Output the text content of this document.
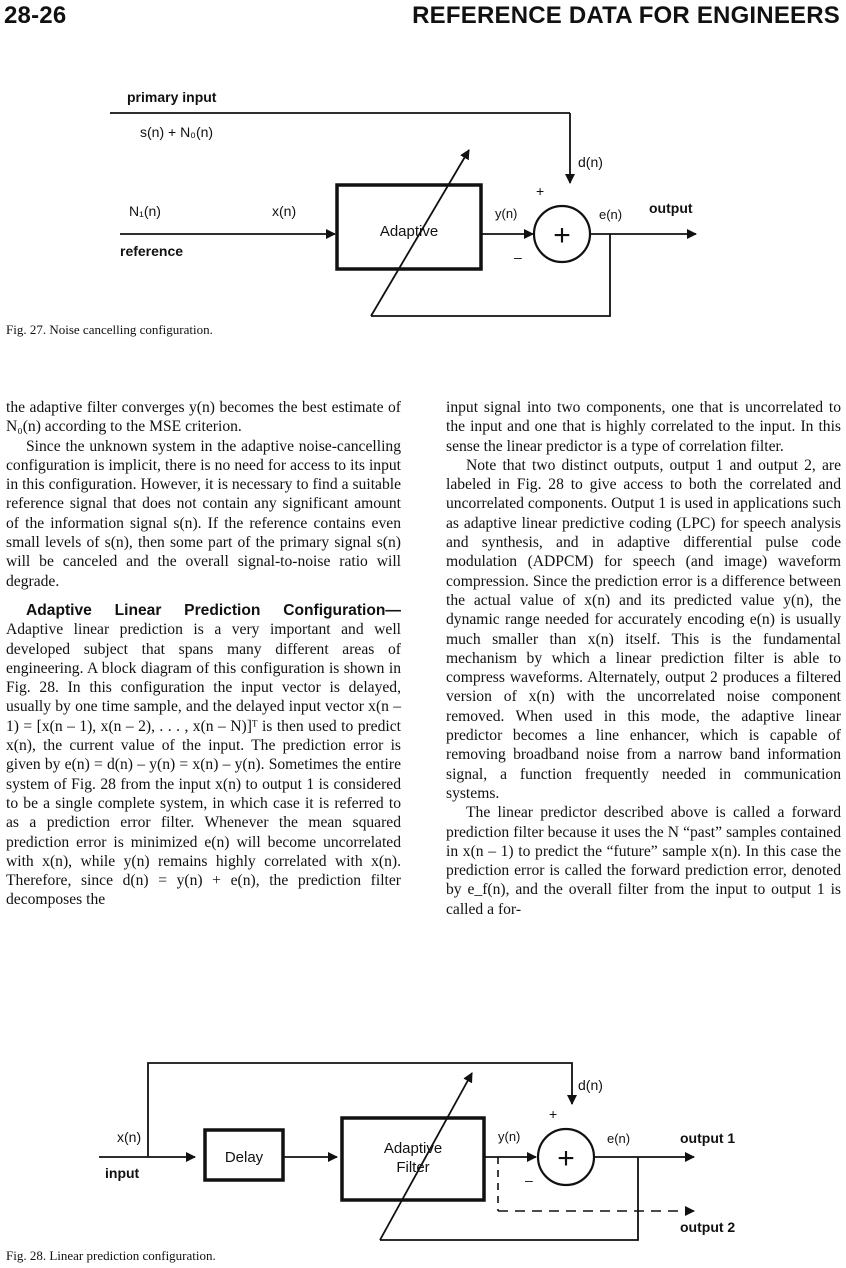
28-26	REFERENCE DATA FOR ENGINEERS
primary input
s(n) + N₀(n)
d(n)
N₁(n)	x(n)
reference
Adaptive
y(n)
+
+
–
e(n) output
Fig. 27. Noise cancelling configuration.

the adaptive filter converges y(n) becomes the best estimate of N₀(n) according to the MSE criterion.

Since the unknown system in the adaptive noise-cancelling configuration is implicit, there is no need for access to its input in this configuration. However, it is necessary to find a suitable reference signal that does not contain any significant amount of the information signal s(n). If the reference contains even small levels of s(n), then some part of the primary signal s(n) will be canceled and the overall signal-to-noise ratio will degrade.

Adaptive Linear Prediction Configuration— Adaptive linear prediction is a very important and well developed subject that spans many different areas of engineering. A block diagram of this configuration is shown in Fig. 28. In this configuration the input vector is delayed, usually by one time sample, and the delayed input vector x(n – 1) = [x(n – 1), x(n – 2), . . . , x(n – N)]ᵀ is then used to predict x(n), the current value of the input. The prediction error is given by e(n) = d(n) – y(n) = x(n) – y(n). Sometimes the entire system of Fig. 28 from the input x(n) to output 1 is considered to be a single complete system, in which case it is referred to as a prediction error filter. Whenever the mean squared prediction error is minimized e(n) will become uncorrelated with x(n), while y(n) remains highly correlated with x(n). Therefore, since d(n) = y(n) + e(n), the prediction filter decomposes the

input signal into two components, one that is uncorrelated to the input and one that is highly correlated to the input. In this sense the linear predictor is a type of correlation filter.

Note that two distinct outputs, output 1 and output 2, are labeled in Fig. 28 to give access to both the correlated and uncorrelated components. Output 1 is used in applications such as adaptive linear predictive coding (LPC) for speech analysis and synthesis, and in adaptive differential pulse code modulation (ADPCM) for speech (and image) waveform compression. Since the prediction error is a difference between the actual value of x(n) and its predicted value y(n), the dynamic range needed for accurately encoding e(n) is usually much smaller than x(n) itself. This is the fundamental mechanism by which a linear prediction filter is able to compress waveforms. Alternately, output 2 produces a filtered version of x(n) with the uncorrelated noise component removed. When used in this mode, the adaptive linear predictor becomes a line enhancer, which is capable of removing broadband noise from a narrow band information signal, a function frequently needed in communication systems.

The linear predictor described above is called a forward prediction filter because it uses the N “past” samples contained in x(n – 1) to predict the “future” sample x(n). In this case the prediction error is called the forward prediction error, denoted by e_f(n), and the overall filter from the input to output 1 is called a for-

x(n)
input
Delay
Adaptive
Filter
y(n)
+
+
–
d(n)
e(n)	output 1
output 2
Fig. 28. Linear prediction configuration.
